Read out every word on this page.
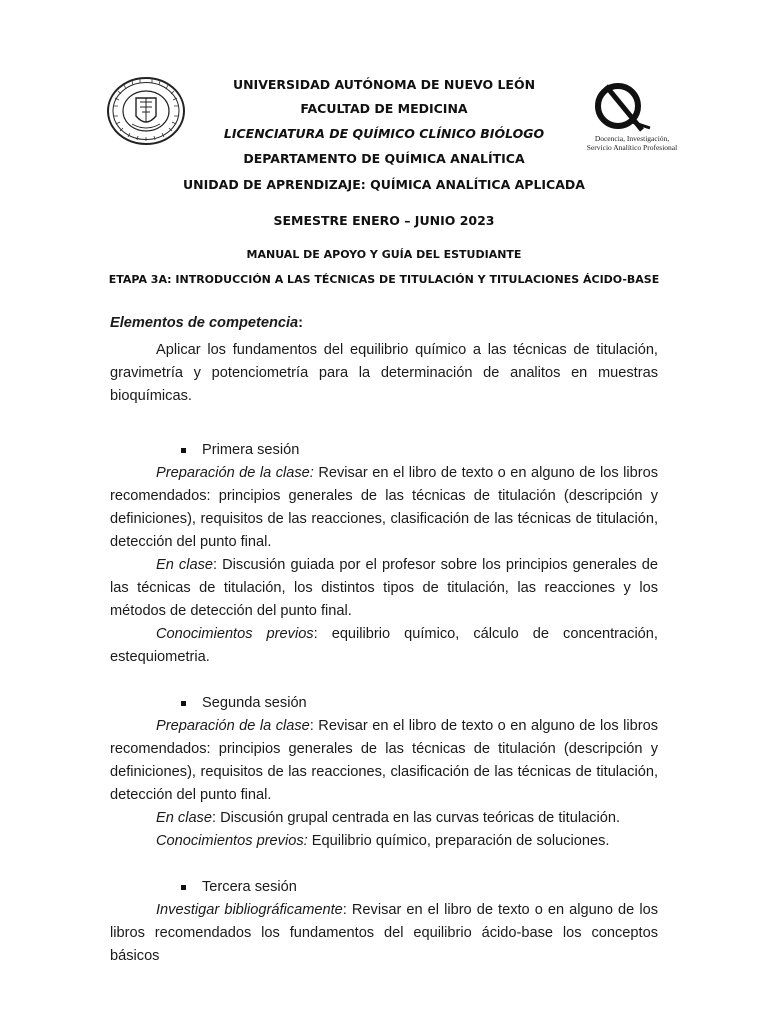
Docencia, Investigación,
Servicio Analítico Profesional
UNIVERSIDAD AUTÓNOMA DE NUEVO LEÓN
FACULTAD DE MEDICINA
LICENCIATURA DE QUÍMICO CLÍNICO BIÓLOGO
DEPARTAMENTO DE QUÍMICA ANALÍTICA
UNIDAD DE APRENDIZAJE: QUÍMICA ANALÍTICA APLICADA
SEMESTRE ENERO – JUNIO 2023
MANUAL DE APOYO Y GUÍA DEL ESTUDIANTE
ETAPA 3A: INTRODUCCIÓN A LAS TÉCNICAS DE TITULACIÓN Y TITULACIONES ÁCIDO-BASE

Elementos de competencia:

Aplicar los fundamentos del equilibrio químico a las técnicas de titulación, gravimetría y potenciometría para la determinación de analitos en muestras bioquímicas.

Primera sesión

Preparación de la clase: Revisar en el libro de texto o en alguno de los libros recomendados: principios generales de las técnicas de titulación (descripción y definiciones), requisitos de las reacciones, clasificación de las técnicas de titulación, detección del punto final.

En clase: Discusión guiada por el profesor sobre los principios generales de las técnicas de titulación, los distintos tipos de titulación, las reacciones y los métodos de detección del punto final.

Conocimientos previos: equilibrio químico, cálculo de concentración, estequiometria.

Segunda sesión

Preparación de la clase: Revisar en el libro de texto o en alguno de los libros recomendados: principios generales de las técnicas de titulación (descripción y definiciones), requisitos de las reacciones, clasificación de las técnicas de titulación, detección del punto final.

En clase: Discusión grupal centrada en las curvas teóricas de titulación.

Conocimientos previos: Equilibrio químico, preparación de soluciones.

Tercera sesión

Investigar bibliográficamente: Revisar en el libro de texto o en alguno de los libros recomendados los fundamentos del equilibrio ácido-base los conceptos básicos
